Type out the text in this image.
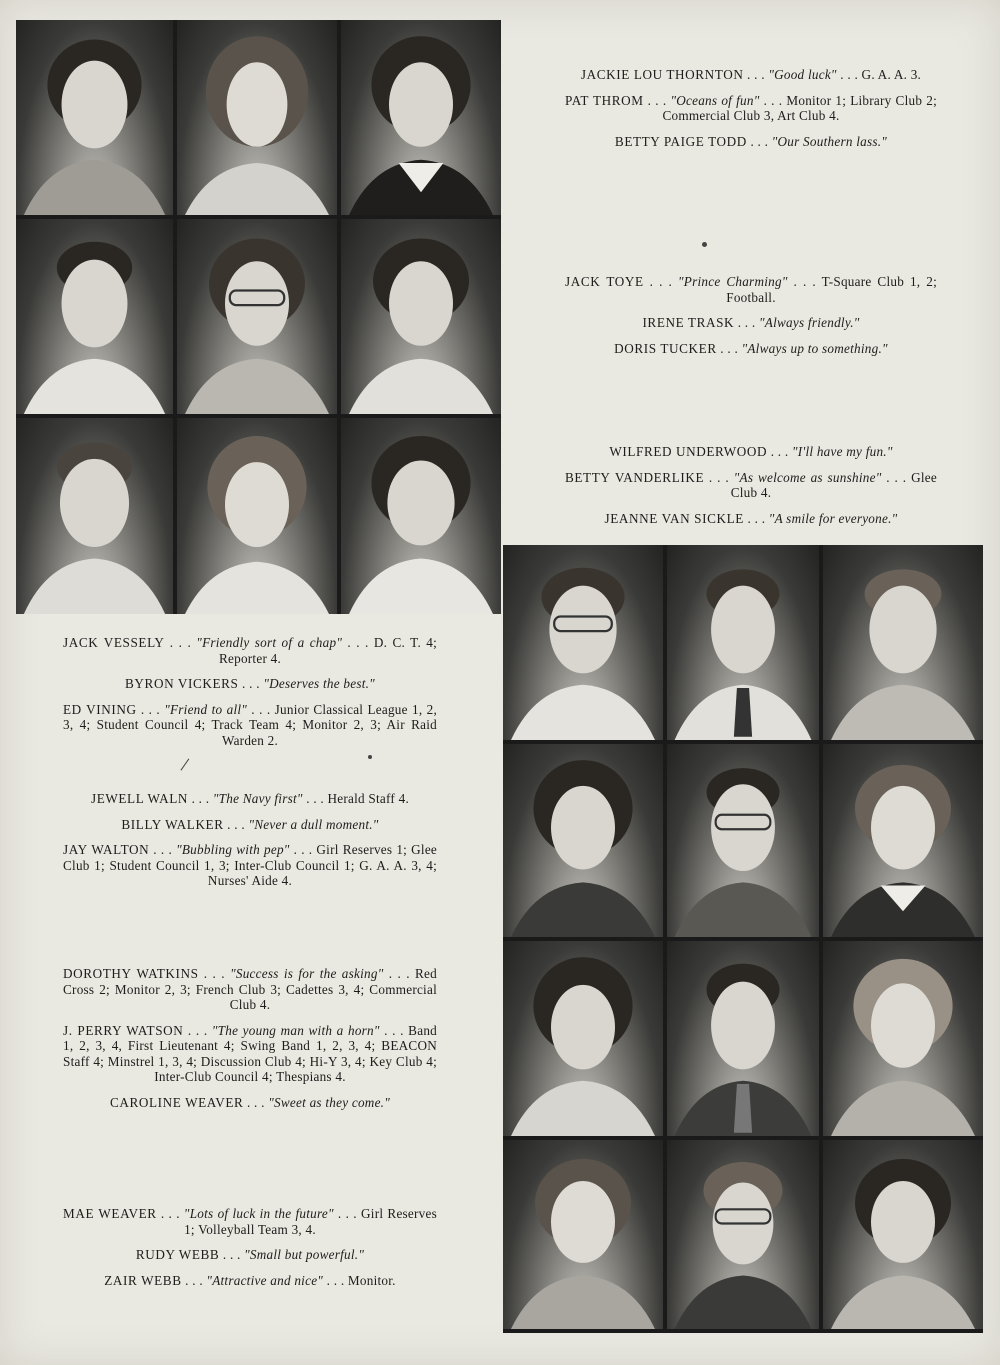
JACKIE LOU THORNTON . . . "Good luck" . . . G. A. A. 3.

PAT THROM . . . "Oceans of fun" . . . Monitor 1; Library Club 2; Commercial Club 3, Art Club 4.

BETTY PAIGE TODD . . . "Our Southern lass."

JACK TOYE . . . "Prince Charming" . . . T-Square Club 1, 2; Football.

IRENE TRASK . . . "Always friendly."

DORIS TUCKER . . . "Always up to something."

WILFRED UNDERWOOD . . . "I'll have my fun."

BETTY VANDERLIKE . . . "As welcome as sunshine" . . . Glee Club 4.

JEANNE VAN SICKLE . . . "A smile for everyone."

JACK VESSELY . . . "Friendly sort of a chap" . . . D. C. T. 4; Reporter 4.

BYRON VICKERS . . . "Deserves the best."

ED VINING . . . "Friend to all" . . . Junior Classical League 1, 2, 3, 4; Student Council 4; Track Team 4; Monitor 2, 3; Air Raid Warden 2.

JEWELL WALN . . . "The Navy first" . . . Herald Staff 4.

BILLY WALKER . . . "Never a dull moment."

JAY WALTON . . . "Bubbling with pep" . . . Girl Reserves 1; Glee Club 1; Student Council 1, 3; Inter-Club Council 1; G. A. A. 3, 4; Nurses' Aide 4.

DOROTHY WATKINS . . . "Success is for the asking" . . . Red Cross 2; Monitor 2, 3; French Club 3; Cadettes 3, 4; Commercial Club 4.

J. PERRY WATSON . . . "The young man with a horn" . . . Band 1, 2, 3, 4, First Lieutenant 4; Swing Band 1, 2, 3, 4; BEACON Staff 4; Minstrel 1, 3, 4; Discussion Club 4; Hi-Y 3, 4; Key Club 4; Inter-Club Council 4; Thespians 4.

CAROLINE WEAVER . . . "Sweet as they come."

MAE WEAVER . . . "Lots of luck in the future" . . . Girl Reserves 1; Volleyball Team 3, 4.

RUDY WEBB . . . "Small but powerful."

ZAIR WEBB . . . "Attractive and nice" . . . Monitor.
